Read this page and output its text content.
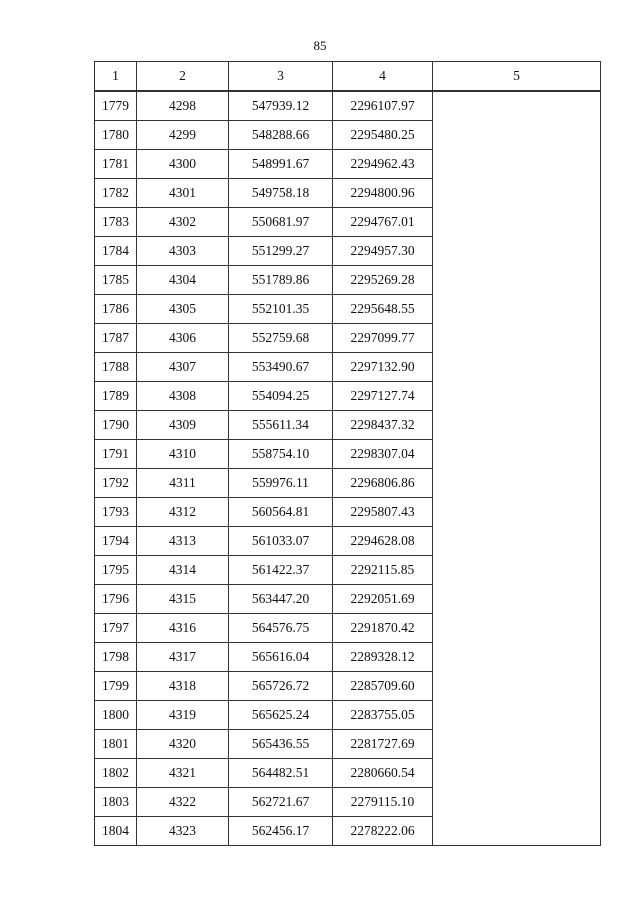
85
1	2	3	4	5
1779	4298	547939.12	2296107.97	
1780	4299	548288.66	2295480.25	
1781	4300	548991.67	2294962.43	
1782	4301	549758.18	2294800.96	
1783	4302	550681.97	2294767.01	
1784	4303	551299.27	2294957.30	
1785	4304	551789.86	2295269.28	
1786	4305	552101.35	2295648.55	
1787	4306	552759.68	2297099.77	
1788	4307	553490.67	2297132.90	
1789	4308	554094.25	2297127.74	
1790	4309	555611.34	2298437.32	
1791	4310	558754.10	2298307.04	
1792	4311	559976.11	2296806.86	
1793	4312	560564.81	2295807.43	
1794	4313	561033.07	2294628.08	
1795	4314	561422.37	2292115.85	
1796	4315	563447.20	2292051.69	
1797	4316	564576.75	2291870.42	
1798	4317	565616.04	2289328.12	
1799	4318	565726.72	2285709.60	
1800	4319	565625.24	2283755.05	
1801	4320	565436.55	2281727.69	
1802	4321	564482.51	2280660.54	
1803	4322	562721.67	2279115.10	
1804	4323	562456.17	2278222.06	
